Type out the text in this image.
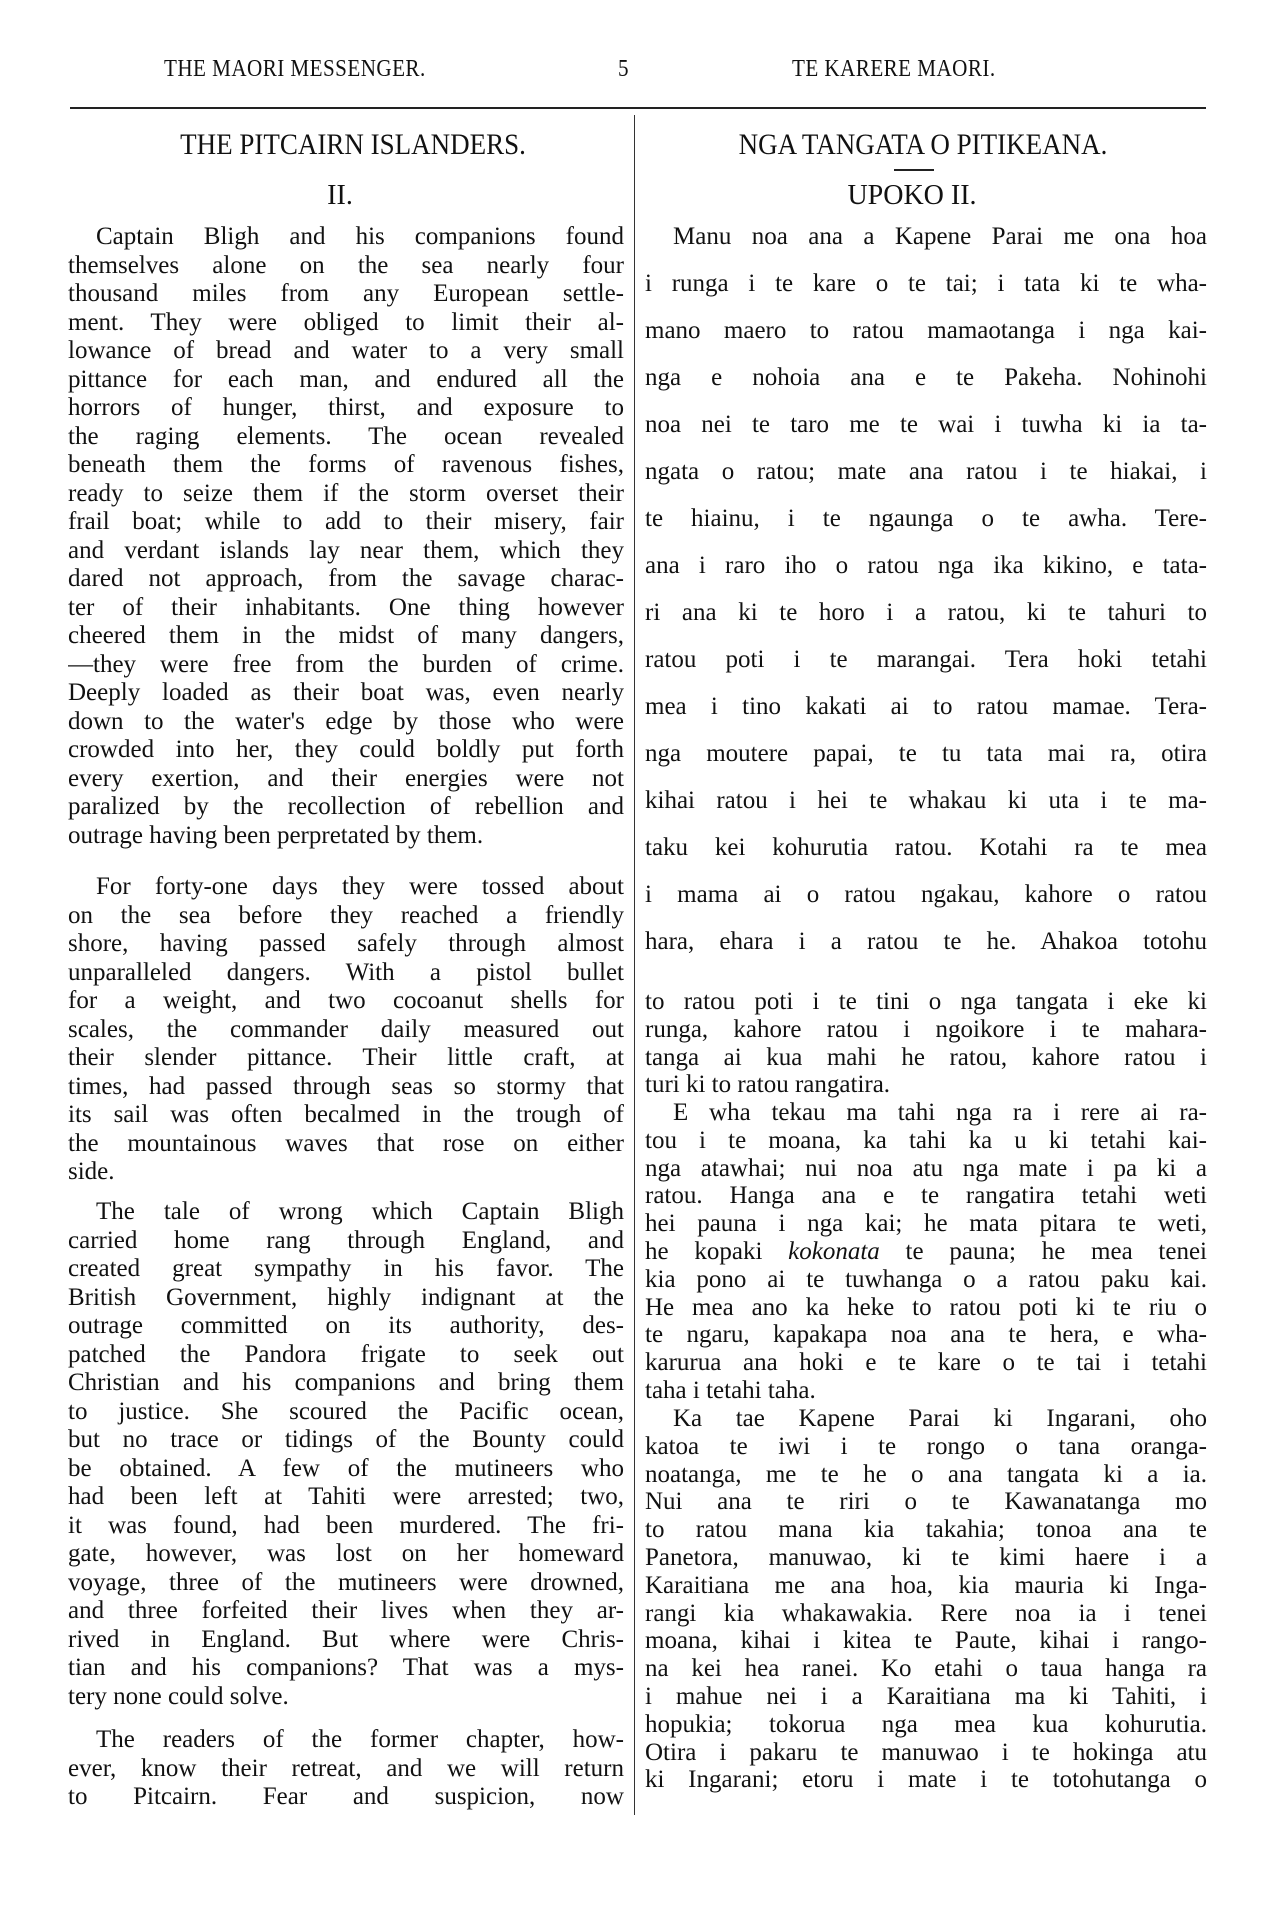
THE MAORI MESSENGER.	5	TE KARERE MAORI.
THE PITCAIRN ISLANDERS.
II.
NGA TANGATA O PITIKEANA.
UPOKO II.
Captain Bligh and his companions found
themselves alone on the sea nearly four
thousand miles from any European settle-
ment. They were obliged to limit their al-
lowance of bread and water to a very small
pittance for each man, and endured all the
horrors of hunger, thirst, and exposure to
the raging elements. The ocean revealed
beneath them the forms of ravenous fishes,
ready to seize them if the storm overset their
frail boat; while to add to their misery, fair
and verdant islands lay near them, which they
dared not approach, from the savage charac-
ter of their inhabitants. One thing however
cheered them in the midst of many dangers,
—they were free from the burden of crime.
Deeply loaded as their boat was, even nearly
down to the water's edge by those who were
crowded into her, they could boldly put forth
every exertion, and their energies were not
paralized by the recollection of rebellion and
outrage having been perpretated by them.
For forty-one days they were tossed about
on the sea before they reached a friendly
shore, having passed safely through almost
unparalleled dangers. With a pistol bullet
for a weight, and two cocoanut shells for
scales, the commander daily measured out
their slender pittance. Their little craft, at
times, had passed through seas so stormy that
its sail was often becalmed in the trough of
the mountainous waves that rose on either
side.
The tale of wrong which Captain Bligh
carried home rang through England, and
created great sympathy in his favor. The
British Government, highly indignant at the
outrage committed on its authority, des-
patched the Pandora frigate to seek out
Christian and his companions and bring them
to justice. She scoured the Pacific ocean,
but no trace or tidings of the Bounty could
be obtained. A few of the mutineers who
had been left at Tahiti were arrested; two,
it was found, had been murdered. The fri-
gate, however, was lost on her homeward
voyage, three of the mutineers were drowned,
and three forfeited their lives when they ar-
rived in England. But where were Chris-
tian and his companions? That was a mys-
tery none could solve.
The readers of the former chapter, how-
ever, know their retreat, and we will return
to Pitcairn. Fear and suspicion, now
Manu noa ana a Kapene Parai me ona hoa
i runga i te kare o te tai; i tata ki te wha-
mano maero to ratou mamaotanga i nga kai-
nga e nohoia ana e te Pakeha. Nohinohi
noa nei te taro me te wai i tuwha ki ia ta-
ngata o ratou; mate ana ratou i te hiakai, i
te hiainu, i te ngaunga o te awha. Tere-
ana i raro iho o ratou nga ika kikino, e tata-
ri ana ki te horo i a ratou, ki te tahuri to
ratou poti i te marangai. Tera hoki tetahi
mea i tino kakati ai to ratou mamae. Tera-
nga moutere papai, te tu tata mai ra, otira
kihai ratou i hei te whakau ki uta i te ma-
taku kei kohurutia ratou. Kotahi ra te mea
i mama ai o ratou ngakau, kahore o ratou
hara, ehara i a ratou te he. Ahakoa totohu
to ratou poti i te tini o nga tangata i eke ki
runga, kahore ratou i ngoikore i te mahara-
tanga ai kua mahi he ratou, kahore ratou i
turi ki to ratou rangatira.
E wha tekau ma tahi nga ra i rere ai ra-
tou i te moana, ka tahi ka u ki tetahi kai-
nga atawhai; nui noa atu nga mate i pa ki a
ratou. Hanga ana e te rangatira tetahi weti
hei pauna i nga kai; he mata pitara te weti,
he kopaki kokonata te pauna; he mea tenei
kia pono ai te tuwhanga o a ratou paku kai.
He mea ano ka heke to ratou poti ki te riu o
te ngaru, kapakapa noa ana te hera, e wha-
karurua ana hoki e te kare o te tai i tetahi
taha i tetahi taha.
Ka tae Kapene Parai ki Ingarani, oho
katoa te iwi i te rongo o tana oranga-
noatanga, me te he o ana tangata ki a ia.
Nui ana te riri o te Kawanatanga mo
to ratou mana kia takahia; tonoa ana te
Panetora, manuwao, ki te kimi haere i a
Karaitiana me ana hoa, kia mauria ki Inga-
rangi kia whakawakia. Rere noa ia i tenei
moana, kihai i kitea te Paute, kihai i rango-
na kei hea ranei. Ko etahi o taua hanga ra
i mahue nei i a Karaitiana ma ki Tahiti, i
hopukia; tokorua nga mea kua kohurutia.
Otira i pakaru te manuwao i te hokinga atu
ki Ingarani; etoru i mate i te totohutanga o
